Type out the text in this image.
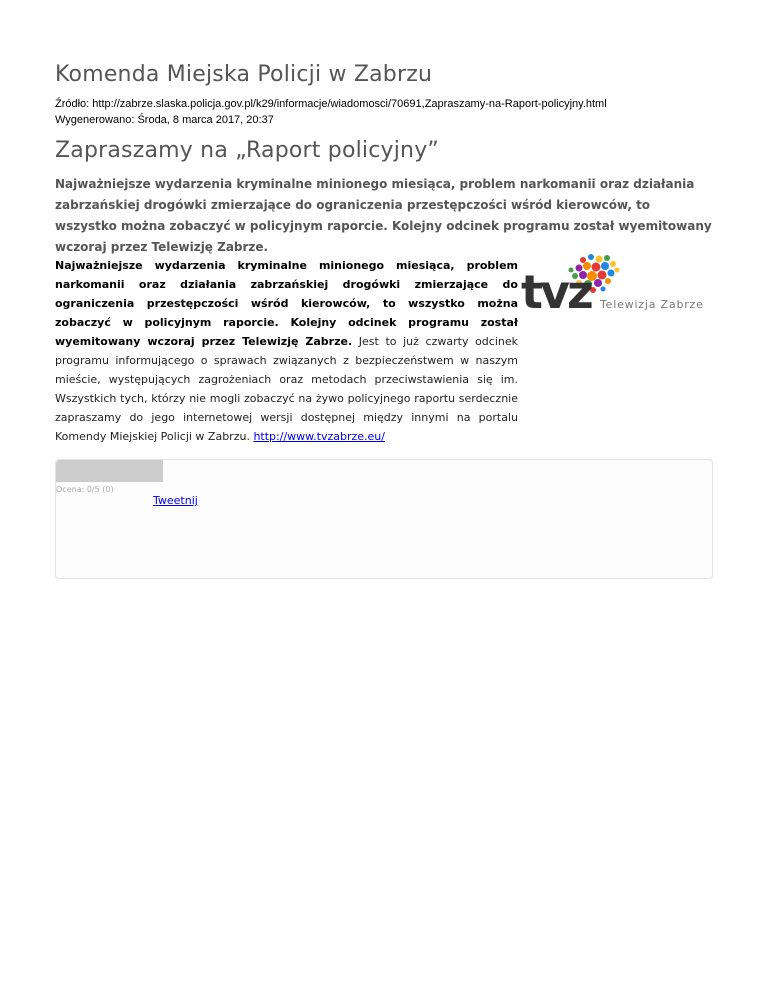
Komenda Miejska Policji w Zabrzu
Źródło: http://zabrze.slaska.policja.gov.pl/k29/informacje/wiadomosci/70691,Zapraszamy-na-Raport-policyjny.html
Wygenerowano: Środa, 8 marca 2017, 20:37
Zapraszamy na „Raport policyjny”

Najważniejsze wydarzenia kryminalne minionego miesiąca, problem narkomanii oraz działania zabrzańskiej drogówki zmierzające do ograniczenia przestępczości wśród kierowców, to wszystko można zobaczyć w policyjnym raporcie. Kolejny odcinek programu został wyemitowany wczoraj przez Telewizję Zabrze.

Najważniejsze wydarzenia kryminalne minionego miesiąca, problem narkomanii oraz działania zabrzańskiej drogówki zmierzające do ograniczenia przestępczości wśród kierowców, to wszystko można zobaczyć w policyjnym raporcie. Kolejny odcinek programu został wyemitowany wczoraj przez Telewizję Zabrze. Jest to już czwarty odcinek programu informującego o sprawach związanych z bezpieczeństwem w naszym mieście, występujących zagrożeniach oraz metodach przeciwstawienia się im. Wszystkich tych, którzy nie mogli zobaczyć na żywo policyjnego raportu serdecznie zapraszamy do jego internetowej wersji dostępnej między innymi na portalu Komendy Miejskiej Policji w Zabrzu. http://www.tvzabrze.eu/

tvz Telewizja Zabrze
Ocena: 0/5 (0)
Tweetnij
